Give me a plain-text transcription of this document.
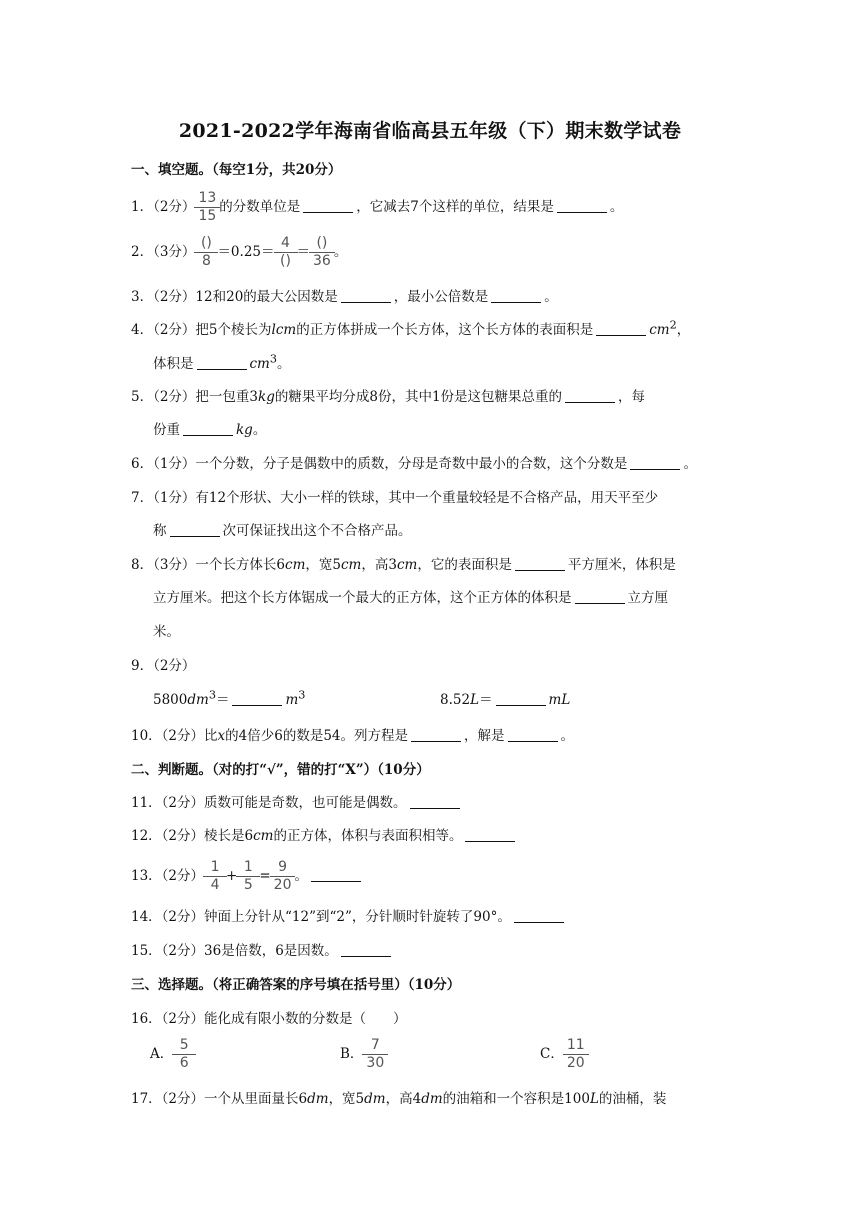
2021-2022学年海南省临高县五年级（下）期末数学试卷
一、填空题。（每空1分，共20分）
1．（2分） $\frac{13}{15}$ 的分数单位是	，它减去7个这样的单位，结果是	。
2．（3分） $\frac{()}{8} =0.25= \frac{4}{()} = \frac{()}{36}$ 。
3．（2分）12和20的最大公因数是	，最小公倍数是	。
4．（2分）把5个棱长为lcm的正方体拼成一个长方体，这个长方体的表面积是	$cm^2$，
体积是	$cm^3$。
5．（2分）把一包重3kg的糖果平均分成8份，其中1份是这包糖果总重的	，每
份重	kg。
6．（1分）一个分数，分子是偶数中的质数，分母是奇数中最小的合数，这个分数是	。
7．（1分）有12个形状、大小一样的铁球，其中一个重量较轻是不合格产品，用天平至少
称	次可保证找出这个不合格产品。
8．（3分）一个长方体长6cm，宽5cm，高3cm，它的表面积是	平方厘米，体积是
立方厘米。把这个长方体锯成一个最大的正方体，这个正方体的体积是	立方厘
米。
9．（2分）
$5800dm^3=$	$m^3$	8.52L＝	mL
10．（2分）比x的4倍少6的数是54。列方程是	，解是	。
二、判断题。（对的打“√”，错的打“X”）（10分）
11．（2分）质数可能是奇数，也可能是偶数。
12．（2分）棱长是6cm的正方体，体积与表面积相等。
13．（2分） $\frac{1}{4} + \frac{1}{5} = \frac{9}{20}$ 。
14．（2分）钟面上分针从“12”到“2”，分针顺时针旋转了90°。
15．（2分）36是倍数，6是因数。
三、选择题。（将正确答案的序号填在括号里）（10分）
16．（2分）能化成有限小数的分数是（　　）
A． $\frac{5}{6}$	B． $\frac{7}{30}$	C． $\frac{11}{20}$
17．（2分）一个从里面量长6dm，宽5dm，高4dm的油箱和一个容积是100L的油桶，装
